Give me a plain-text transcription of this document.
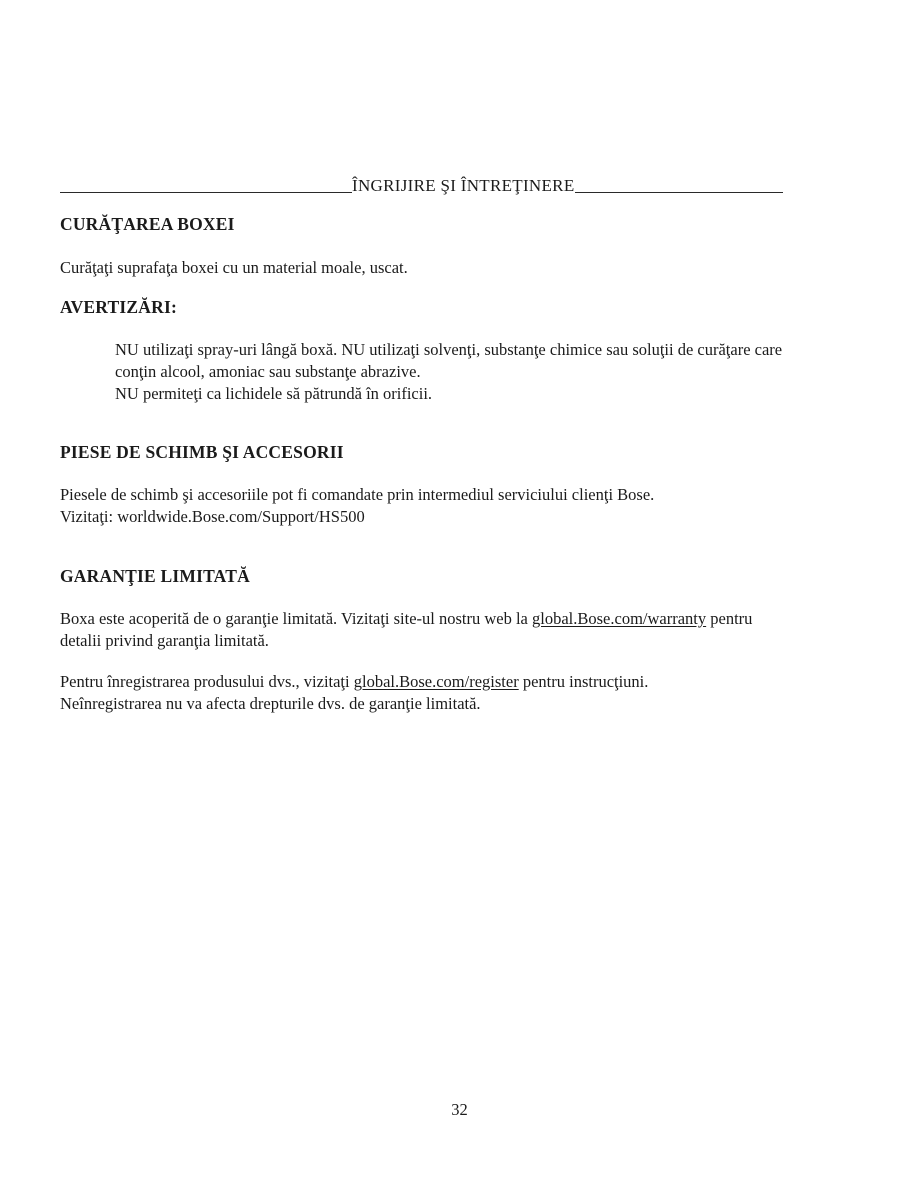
ÎNGRIJIRE ŞI ÎNTREŢINERE
CURĂŢAREA BOXEI
Curăţaţi suprafaţa boxei cu un material moale, uscat.
AVERTIZĂRI:
NU utilizaţi spray-uri lângă boxă. NU utilizaţi solvenţi, substanţe chimice sau soluţii de curăţare care
conţin alcool, amoniac sau substanţe abrazive.
NU permiteţi ca lichidele să pătrundă în orificii.
PIESE DE SCHIMB ŞI ACCESORII
Piesele de schimb şi accesoriile pot fi comandate prin intermediul serviciului clienţi Bose.
Vizitaţi: worldwide.Bose.com/Support/HS500
GARANŢIE LIMITATĂ
Boxa este acoperită de o garanţie limitată. Vizitaţi site-ul nostru web la global.Bose.com/warranty pentru
detalii privind garanţia limitată.
Pentru înregistrarea produsului dvs., vizitaţi global.Bose.com/register pentru instrucţiuni.
Neînregistrarea nu va afecta drepturile dvs. de garanţie limitată.
32
